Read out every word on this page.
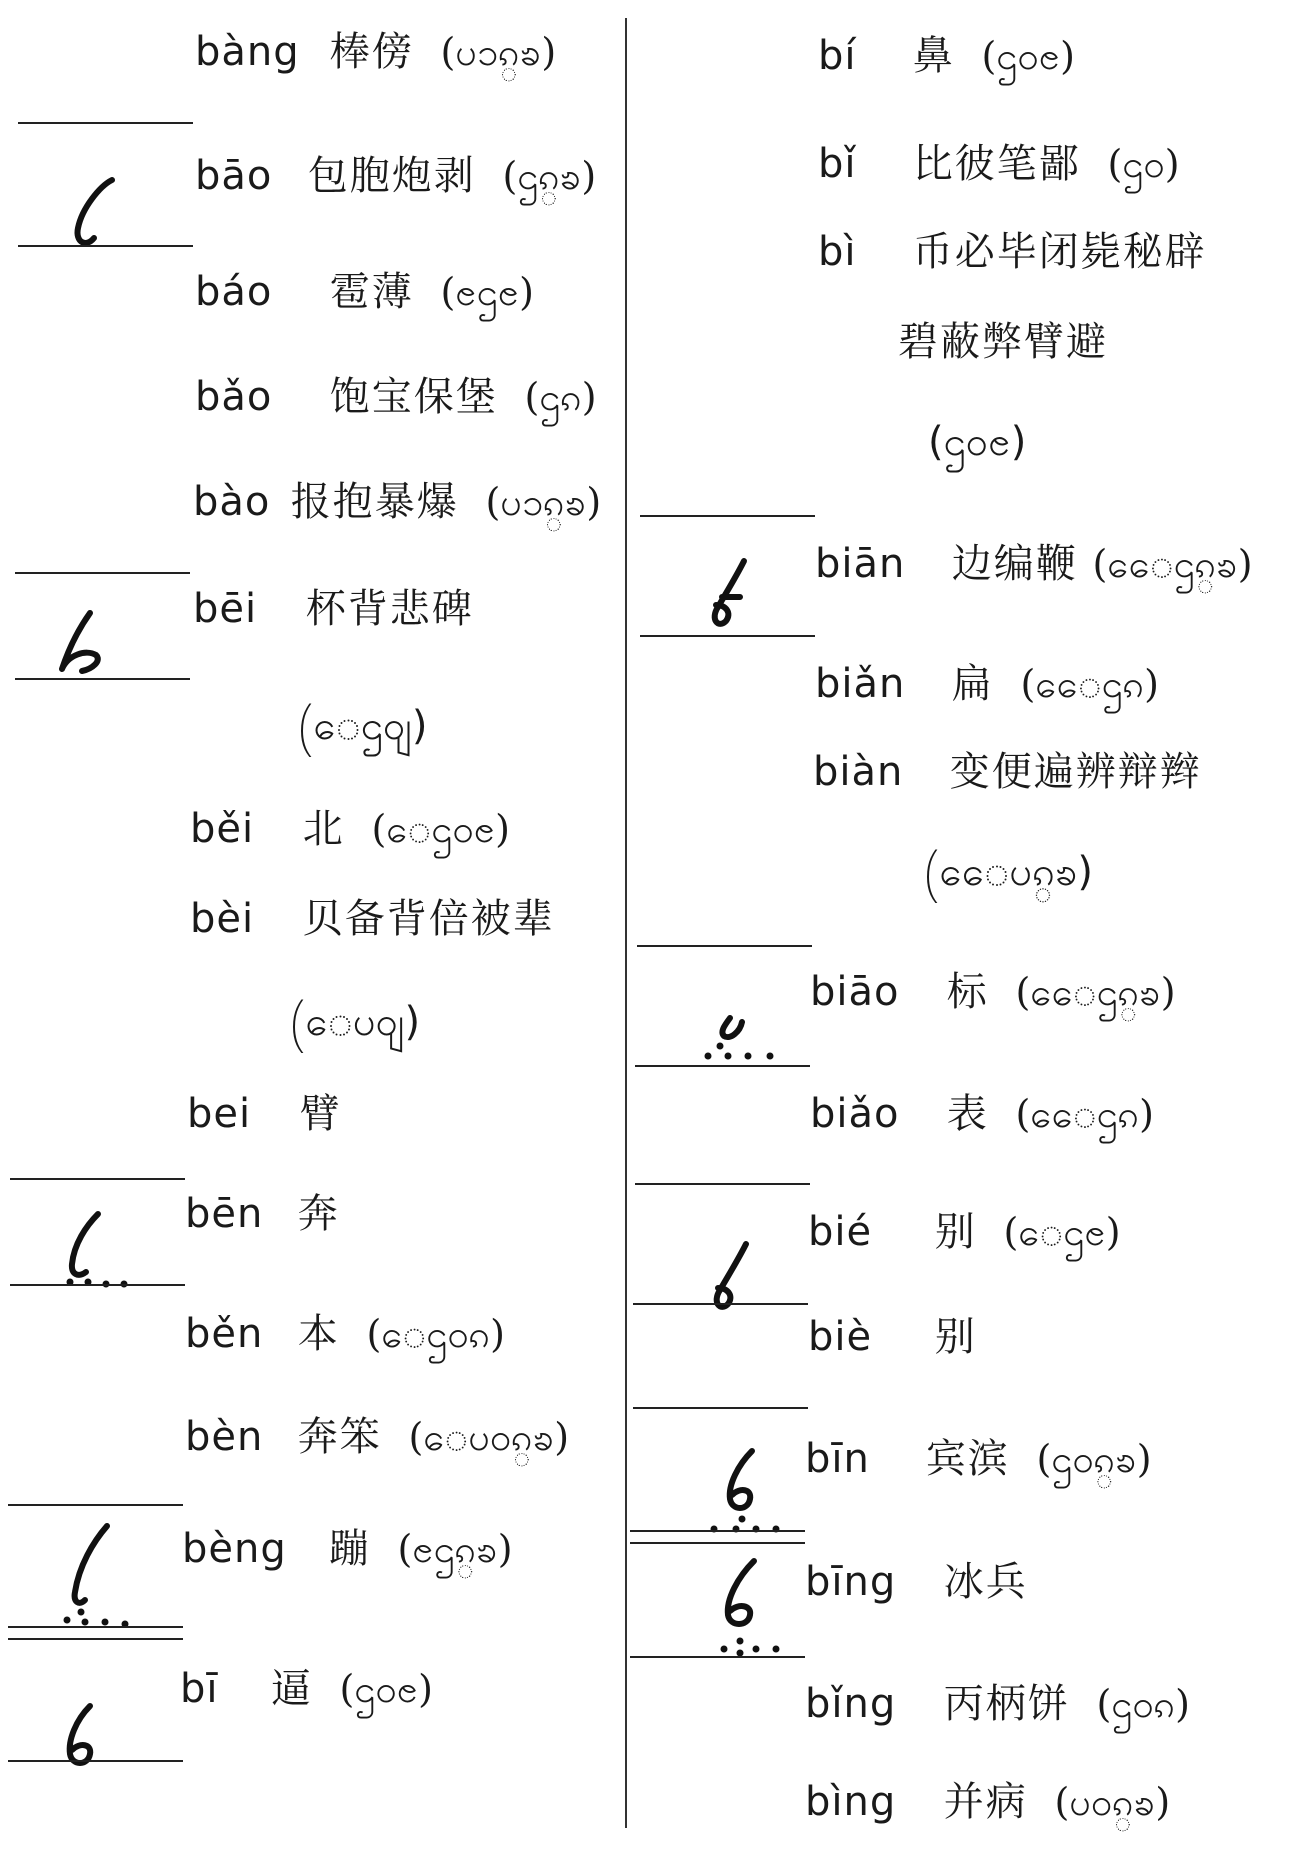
bàng 棒傍 (ပၥၵ္ၶ)
bāo 包胞炮剥 (ဌၵ္ၶ)
báo 雹薄 (ၔဌၔ)
bǎo 饱宝保堡 (ဌၵ)
bào 报抱暴爆 (ပၥၵ္ၶ)
bēi 杯背悲碑
(ေဌ၀ျ)
běi 北 (ေဌ၀ၔ)
bèi 贝备背倍被辈
(ေပ၀ျ)
bei 臂
bēn 奔
běn 本 (ေဌ၀ၵ)
bèn 奔笨 (ေပ၀ၵ္ၶ)
bèng 蹦 (ၔဌၵ္ၶ)
bī 逼 (ဌ၀ၔ)
bí 鼻 (ဌ၀ၔ)
bǐ 比彼笔鄙 (ဌ၀)
bì 币必毕闭毙秘辟
碧蔽弊臂避
(ဌ၀ၔ)
biān 边编鞭 (ေေဌၵ္ၶ)
biǎn 扁 (ေေဌၵ)
biàn 变便遍辨辩辫
(ေေပၵ္ၶ)
biāo 标 (ေေဌၵ္ၶ)
biǎo 表 (ေေဌၵ)
bié 别 (ေဌၔ)
biè 别
bīn 宾滨 (ဌ၀ၵ္ၶ)
bīng 冰兵
bǐng 丙柄饼 (ဌ၀ၵ)
bìng 并病 (ပ၀ၵ္ၶ)
